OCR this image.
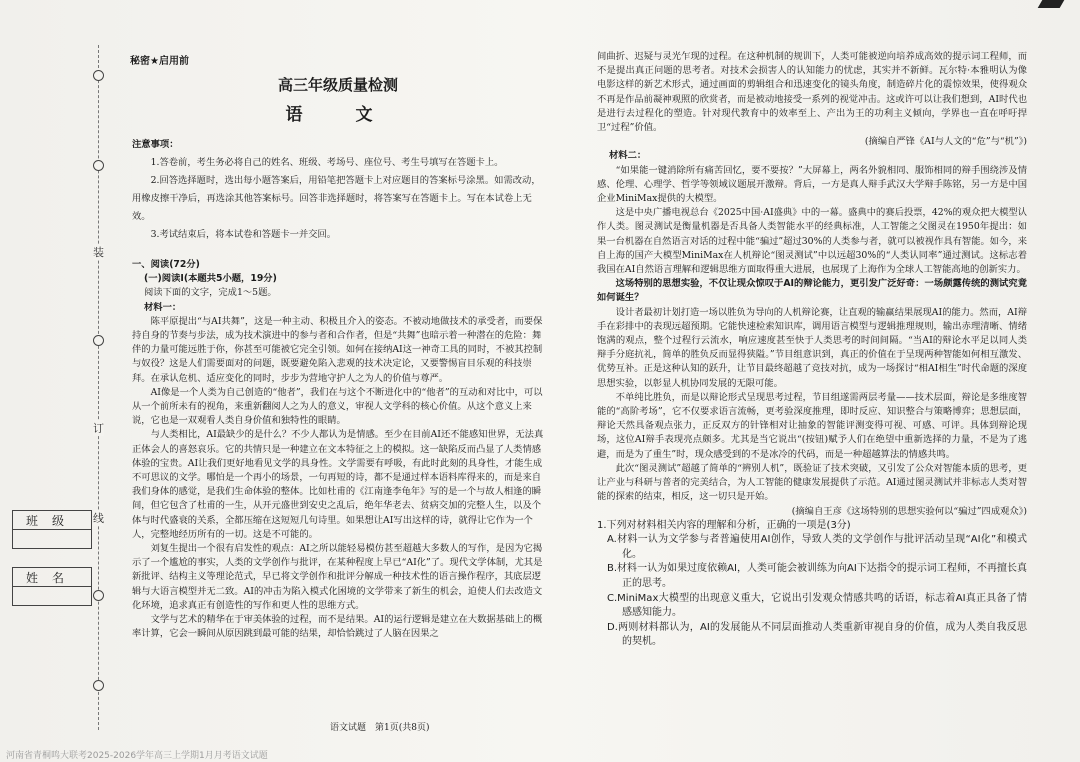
装
订
线
班级
姓名
秘密★启用前
高三年级质量检测
语　文
注意事项：

1.答卷前，考生务必将自己的姓名、班级、考场号、座位号、考生号填写在答题卡上。

2.回答选择题时，选出每小题答案后，用铅笔把答题卡上对应题目的答案标号涂黑。如需改动，用橡皮擦干净后，再选涂其他答案标号。回答非选择题时，将答案写在答题卡上。写在本试卷上无效。

3.考试结束后，将本试卷和答题卡一并交回。

一、阅读(72分)
(一)阅读Ⅰ(本题共5小题，19分)
阅读下面的文字，完成1～5题。
材料一：

陈平原提出“与AI共舞”，这是一种主动、积极且介入的姿态。不被动地做技术的承受者，而要保持自身的节奏与步法，成为技术演进中的参与者和合作者，但是“共舞”也暗示着一种潜在的危险：舞伴的力量可能远胜于你，你甚至可能被它完全引领。如何在接纳AI这一神奇工具的同时，不被其控制与奴役？这是人们需要面对的问题，既要避免陷入悲观的技术决定论，又要警惕盲目乐观的科技崇拜。在承认危机、适应变化的同时，步步为营地守护人之为人的价值与尊严。

AI像是一个人类为自己创造的“他者”，我们在与这个不断进化中的“他者”的互动和对比中，可以从一个前所未有的视角，来重新翻阅人之为人的意义，审视人文学科的核心价值。从这个意义上来说，它也是一双观看人类自身价值和独特性的眼睛。

与人类相比，AI最缺少的是什么？不少人都认为是情感。至少在目前AI还不能感知世界，无法真正体会人的喜怒哀乐。它的共情只是一种建立在文本特征之上的模拟。这一缺陷反而凸显了人类情感体验的宝贵。AI让我们更好地看见文学的具身性。文学需要有呼吸，有此时此刻的具身性，才能生成不可思议的文学。哪怕是一个再小的场景，一句再短的诗，都不是通过样本语料库得来的，而是来自我们身体的感觉，是我们生命体验的整体。比如杜甫的《江南逢李龟年》写的是一个与故人相逢的瞬间，但它包含了杜甫的一生，从开元盛世到安史之乱后，绝年华老去、贫病交加的完整人生，以及个体与时代盛衰的关系，全都压缩在这短短几句诗里。如果想让AI写出这样的诗，就得让它作为一个人，完整地经历所有的一切。这是不可能的。

刘复生提出一个很有启发性的观点：AI之所以能轻易模仿甚至超越大多数人的写作，是因为它揭示了一个尴尬的事实，人类的文学创作与批评，在某种程度上早已“AI化”了。现代文学体制，尤其是新批评、结构主义等理论范式，早已将文学创作和批评分解成一种技术性的语言操作程序，其底层逻辑与大语言模型并无二致。AI的冲击为陷入模式化困境的文学带来了新生的机会，迫使人们去改造文化环境，追求真正有创造性的写作和更人性的思维方式。

文学与艺术的精华在于审美体验的过程，而不是结果。AI的运行逻辑是建立在大数据基础上的概率计算，它会一瞬间从原因跳到最可能的结果，却恰恰跳过了人脑在因果之

语文试题　第1页(共8页)

间曲折、迟疑与灵光乍现的过程。在这种机制的规训下，人类可能被逆向培养成高效的提示词工程师，而不是提出真正问题的思考者。对技术会损害人的认知能力的忧虑，其实并不新鲜。瓦尔特·本雅明认为像电影这样的新艺术形式，通过画面的剪辑组合和迅速变化的镜头角度，制造碎片化的震惊效果，使得观众不再是作品前凝神观照的欣赏者，而是被动地接受一系列的视觉冲击。这或许可以让我们想到，AI时代也是进行去过程化的塑造。针对现代教育中的效率至上、产出为王的功利主义倾向，学界也一直在呼吁捍卫“过程”价值。

(摘编自严锋《AI与人文的“危”与“机”》)

材料二：

“如果能一键消除所有痛苦回忆，要不要按？”大屏幕上，两名外貌相同、服饰相同的辩手围绕涉及情感、伦理、心理学、哲学等领域议题展开激辩。背后，一方是真人辩手武汉大学辩手陈铭，另一方是中国企业MiniMax提供的大模型。

这是中央广播电视总台《2025中国·AI盛典》中的一幕。盛典中的赛后投票，42%的观众把大模型认作人类。图灵测试是衡量机器是否具备人类智能水平的经典标准，人工智能之父图灵在1950年提出：如果一台机器在自然语言对话的过程中能“骗过”超过30%的人类参与者，就可以被视作具有智能。如今，来自上海的国产大模型MiniMax在人机辩论“图灵测试”中以远超30%的“人类认同率”通过测试。这标志着我国在AI自然语言理解和逻辑思维方面取得重大进展，也展现了上海作为全球人工智能高地的创新实力。

这场特别的思想实验，不仅让现众惊叹于AI的辩论能力，更引发广泛好奇：一场颇露传统的测试究竟如何诞生？

设计者最初计划打造一场以胜负为导向的人机辩论赛，让直观的输赢结果展现AI的能力。然而，AI辩手在彩排中的表现远超预期。它能快速检索知识库，调用语言模型与逻辑推理规则，输出赤理清晰、情绪饱满的观点，整个过程行云流水，响应速度甚至快于人类思考的时间间隔。“当AI的辩论水平足以同人类辩手分庭抗礼，简单的胜负反而显得狭隘。”节目组意识到，真正的价值在于呈现两种智能如何相互激发、优势互补。正是这种认知的跃升，让节目最终超越了竞技对抗，成为一场探讨“相AI相生”时代命题的深度思想实验，以彰显人机协同发展的无限可能。

不单纯比胜负，而是以辩论形式呈现思考过程，节目组遂需两层考量——技术层面，辩论是多维度智能的“高阶考场”，它不仅要求语言流畅，更考验深度推理，即时反应、知识整合与策略博弈；思想层面，辩论天然具备观点张力，正反双方的针锋相对让抽象的智能评测变得可视、可感、可评。具体到辩论现场，这位AI辩手表现亮点颇多。尤其是当它说出“(按钮)赋予人们在绝望中重新选择的力量，不是为了逃避，而是为了重生”时，现众感受到的不是冰冷的代码，而是一种超越算法的情感共鸣。

此次“图灵测试”超越了简单的“辨别人机”，既验证了技术突破，又引发了公众对智能本质的思考，更让产业与科研与普者的完美结合，为人工智能的健康发展提供了示范。AI通过图灵测试并非标志人类对智能的探索的结束，相反，这一切只是开始。

(摘编自王彦《这场特别的思想实验何以“骗过”四成观众》)

1.下列对材料相关内容的理解和分析，正确的一项是(3分)

A.材料一认为文学参与者普遍使用AI创作，导致人类的文学创作与批评活动呈现“AI化”和模式化。

B.材料一认为如果过度依赖AI，人类可能会被训练为向AI下达指令的提示词工程师，不再擅长真正的思考。

C.MiniMax大模型的出现意义重大，它说出引发观众情感共鸣的话语，标志着AI真正具备了情感感知能力。

D.两则材料都认为，AI的发展能从不同层面推动人类重新审视自身的价值，成为人类自我反思的契机。

河南省青桐鸣大联考2025-2026学年高三上学期1月月考语文试题
